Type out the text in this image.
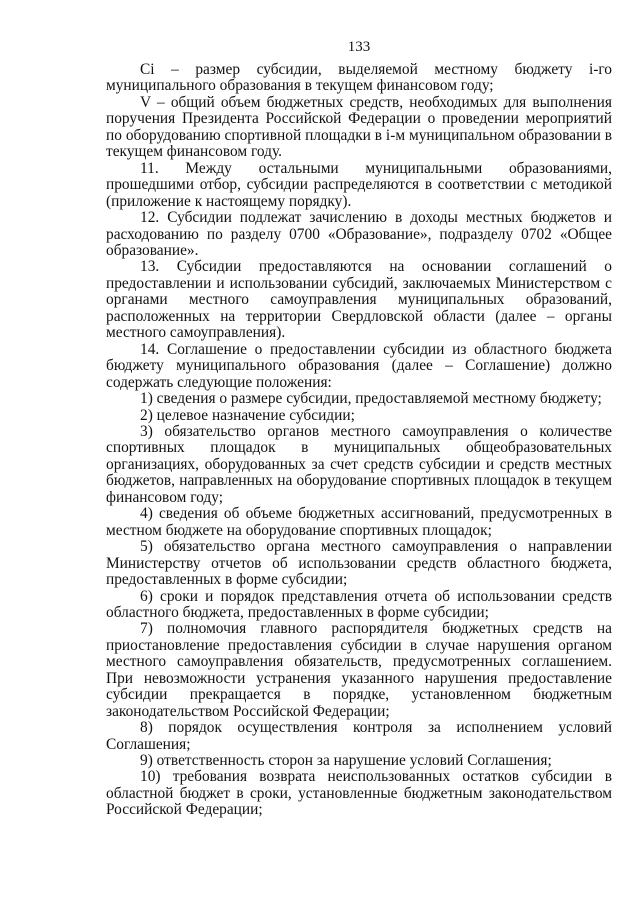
133

Ci – размер субсидии, выделяемой местному бюджету i-го муниципального образования в текущем финансовом году;

V – общий объем бюджетных средств, необходимых для выполнения поручения Президента Российской Федерации о проведении мероприятий по оборудованию спортивной площадки в i-м муниципальном образовании в текущем финансовом году.

11. Между остальными муниципальными образованиями, прошедшими отбор, субсидии распределяются в соответствии с методикой (приложение к настоящему порядку).

12. Субсидии подлежат зачислению в доходы местных бюджетов и расходованию по разделу 0700 «Образование», подразделу 0702 «Общее образование».

13. Субсидии предоставляются на основании соглашений о предоставлении и использовании субсидий, заключаемых Министерством с органами местного самоуправления муниципальных образований, расположенных на территории Свердловской области (далее – органы местного самоуправления).

14. Соглашение о предоставлении субсидии из областного бюджета бюджету муниципального образования (далее – Соглашение) должно содержать следующие положения:

1) сведения о размере субсидии, предоставляемой местному бюджету;

2) целевое назначение субсидии;

3) обязательство органов местного самоуправления о количестве спортивных площадок в муниципальных общеобразовательных организациях, оборудованных за счет средств субсидии и средств местных бюджетов, направленных на оборудование спортивных площадок в текущем финансовом году;

4) сведения об объеме бюджетных ассигнований, предусмотренных в местном бюджете на оборудование спортивных площадок;

5) обязательство органа местного самоуправления о направлении Министерству отчетов об использовании средств областного бюджета, предоставленных в форме субсидии;

6) сроки и порядок представления отчета об использовании средств областного бюджета, предоставленных в форме субсидии;

7) полномочия главного распорядителя бюджетных средств на приостановление предоставления субсидии в случае нарушения органом местного самоуправления обязательств, предусмотренных соглашением. При невозможности устранения указанного нарушения предоставление субсидии прекращается в порядке, установленном бюджетным законодательством Российской Федерации;

8) порядок осуществления контроля за исполнением условий Соглашения;

9) ответственность сторон за нарушение условий Соглашения;

10) требования возврата неиспользованных остатков субсидии в областной бюджет в сроки, установленные бюджетным законодательством Российской Федерации;
